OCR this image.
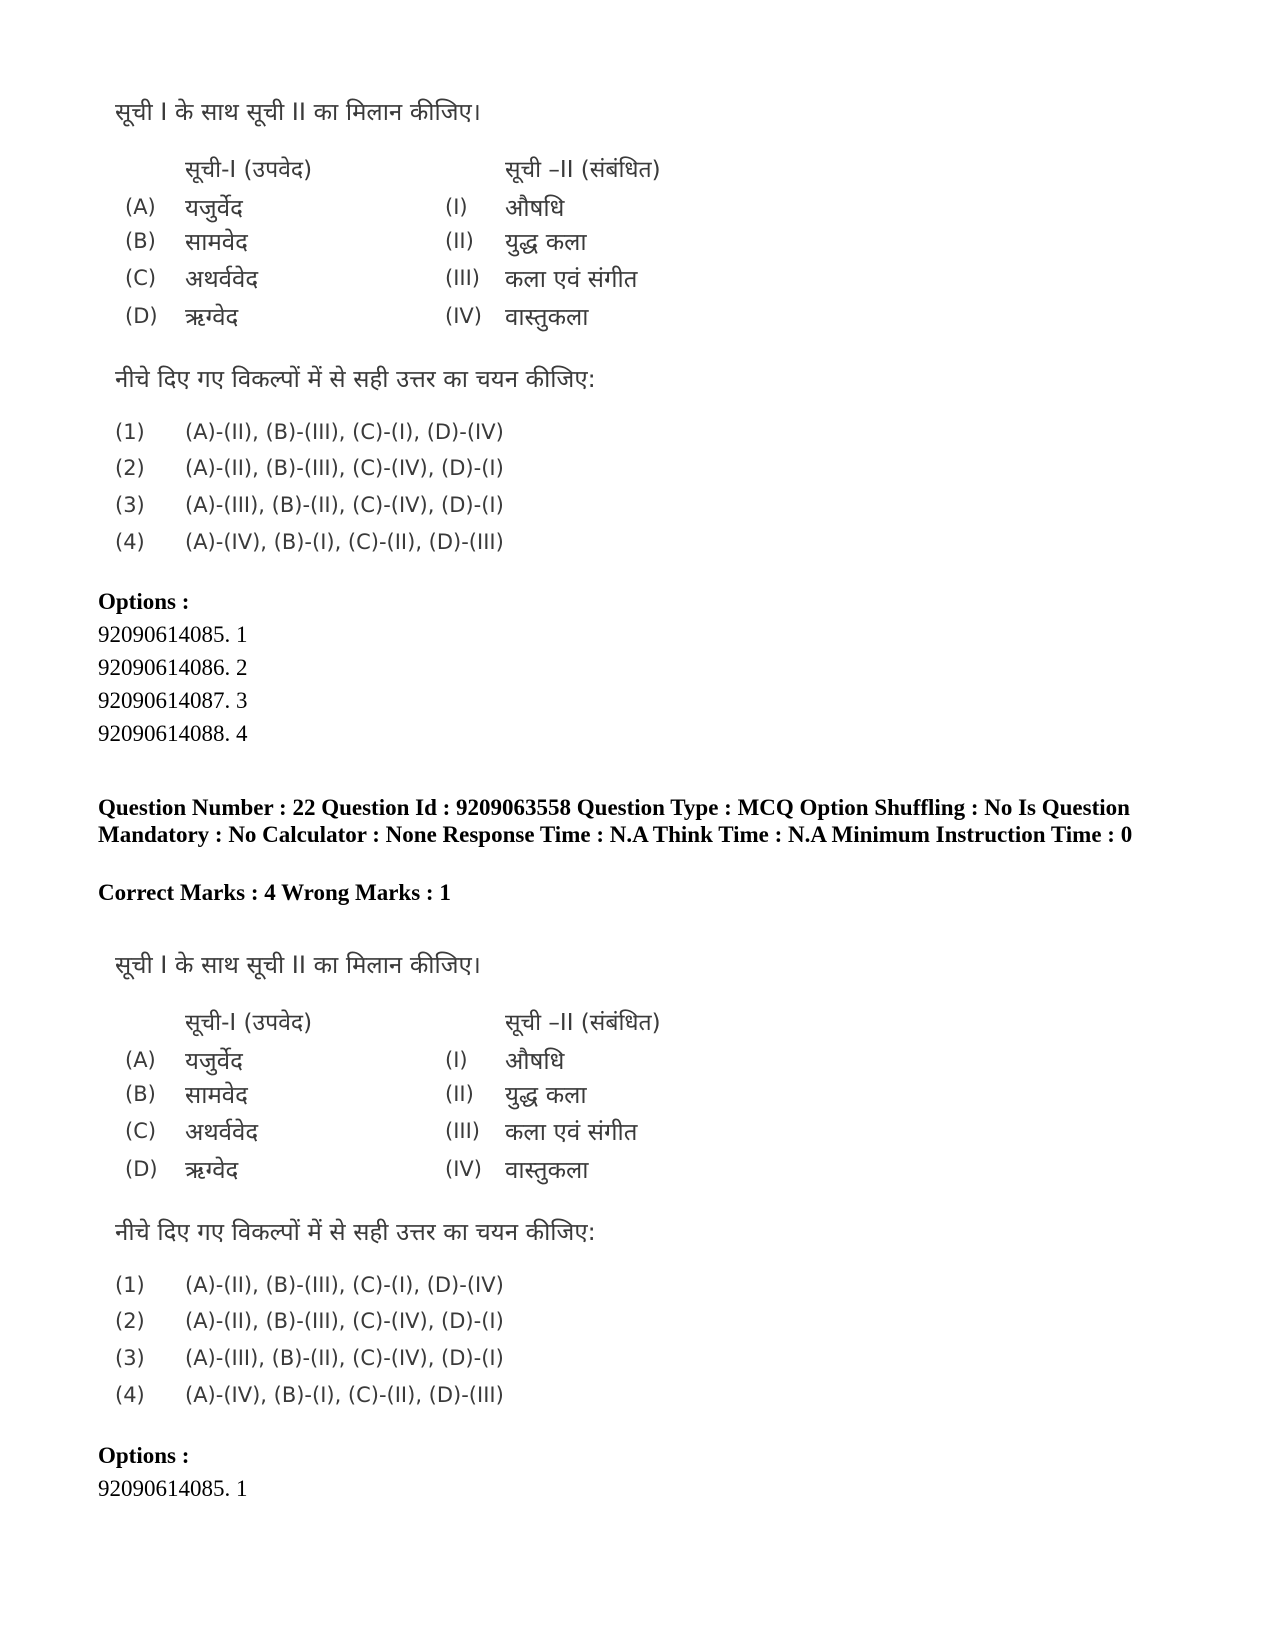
सूची I के साथ सूची II का मिलान कीजिए।
सूची-I (उपवेद)	सूची –II (संबंधित)
(A) यजुर्वेद	(I) औषधि
(B) सामवेद	(II) युद्ध कला
(C) अथर्ववेद	(III) कला एवं संगीत
(D) ऋग्वेद	(IV) वास्तुकला
नीचे दिए गए विकल्पों में से सही उत्तर का चयन कीजिए:
(1) (A)-(II), (B)-(III), (C)-(I), (D)-(IV)
(2) (A)-(II), (B)-(III), (C)-(IV), (D)-(I)
(3) (A)-(III), (B)-(II), (C)-(IV), (D)-(I)
(4) (A)-(IV), (B)-(I), (C)-(II), (D)-(III)
Options :
92090614085. 1
92090614086. 2
92090614087. 3
92090614088. 4
Question Number : 22 Question Id : 9209063558 Question Type : MCQ Option Shuffling : No Is Question Mandatory : No Calculator : None Response Time : N.A Think Time : N.A Minimum Instruction Time : 0
Correct Marks : 4 Wrong Marks : 1
सूची I के साथ सूची II का मिलान कीजिए।
सूची-I (उपवेद)	सूची –II (संबंधित)
(A) यजुर्वेद	(I) औषधि
(B) सामवेद	(II) युद्ध कला
(C) अथर्ववेद	(III) कला एवं संगीत
(D) ऋग्वेद	(IV) वास्तुकला
नीचे दिए गए विकल्पों में से सही उत्तर का चयन कीजिए:
(1) (A)-(II), (B)-(III), (C)-(I), (D)-(IV)
(2) (A)-(II), (B)-(III), (C)-(IV), (D)-(I)
(3) (A)-(III), (B)-(II), (C)-(IV), (D)-(I)
(4) (A)-(IV), (B)-(I), (C)-(II), (D)-(III)
Options :
92090614085. 1
